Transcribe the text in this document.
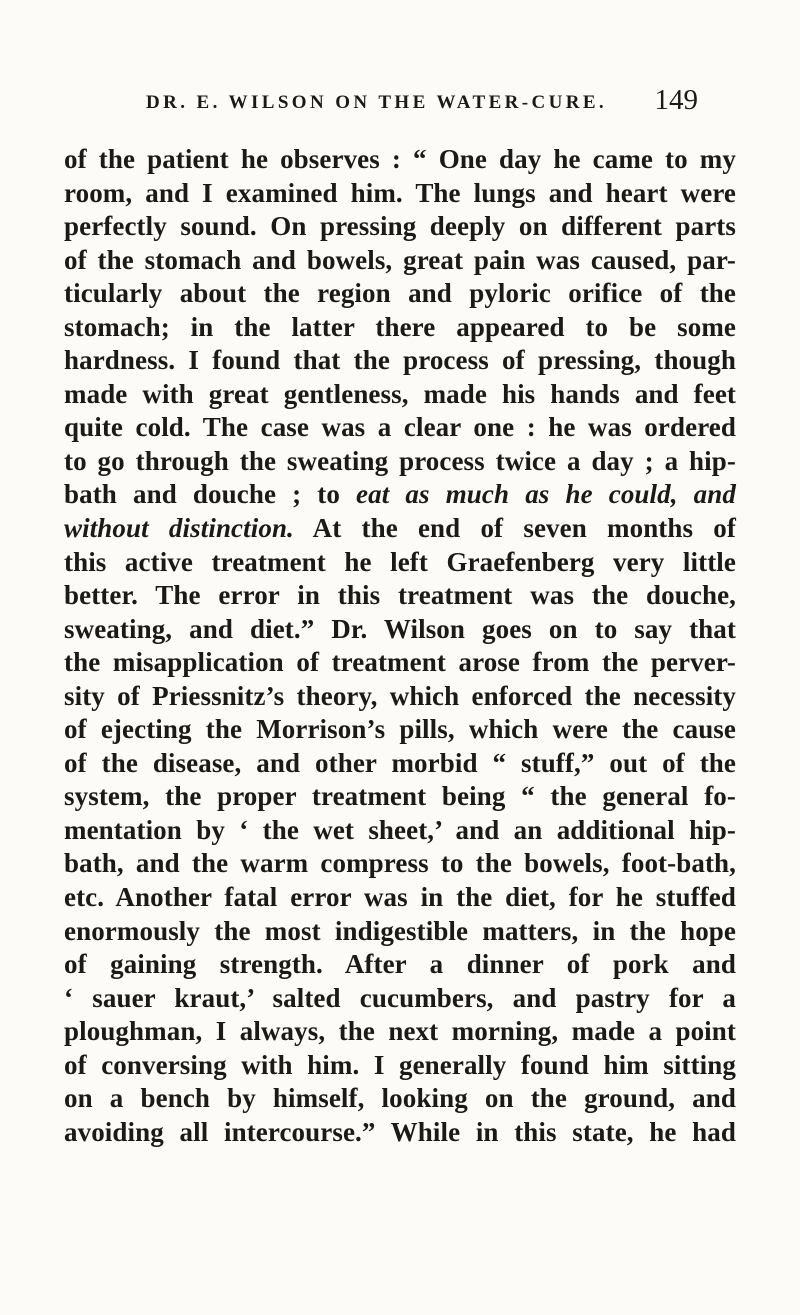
DR. E. WILSON ON THE WATER-CURE. 149
of the patient he observes : “ One day he came to my
room, and I examined him. The lungs and heart were
perfectly sound. On pressing deeply on different parts
of the stomach and bowels, great pain was caused, par-
ticularly about the region and pyloric orifice of the
stomach; in the latter there appeared to be some
hardness. I found that the process of pressing, though
made with great gentleness, made his hands and feet
quite cold. The case was a clear one : he was ordered
to go through the sweating process twice a day ; a hip-
bath and douche ; to eat as much as he could, and
without distinction. At the end of seven months of
this active treatment he left Graefenberg very little
better. The error in this treatment was the douche,
sweating, and diet.” Dr. Wilson goes on to say that
the misapplication of treatment arose from the perver-
sity of Priessnitz’s theory, which enforced the necessity
of ejecting the Morrison’s pills, which were the cause
of the disease, and other morbid “ stuff,” out of the
system, the proper treatment being “ the general fo-
mentation by ‘ the wet sheet,’ and an additional hip-
bath, and the warm compress to the bowels, foot-bath,
etc. Another fatal error was in the diet, for he stuffed
enormously the most indigestible matters, in the hope
of gaining strength. After a dinner of pork and
‘ sauer kraut,’ salted cucumbers, and pastry for a
ploughman, I always, the next morning, made a point
of conversing with him. I generally found him sitting
on a bench by himself, looking on the ground, and
avoiding all intercourse.” While in this state, he had
